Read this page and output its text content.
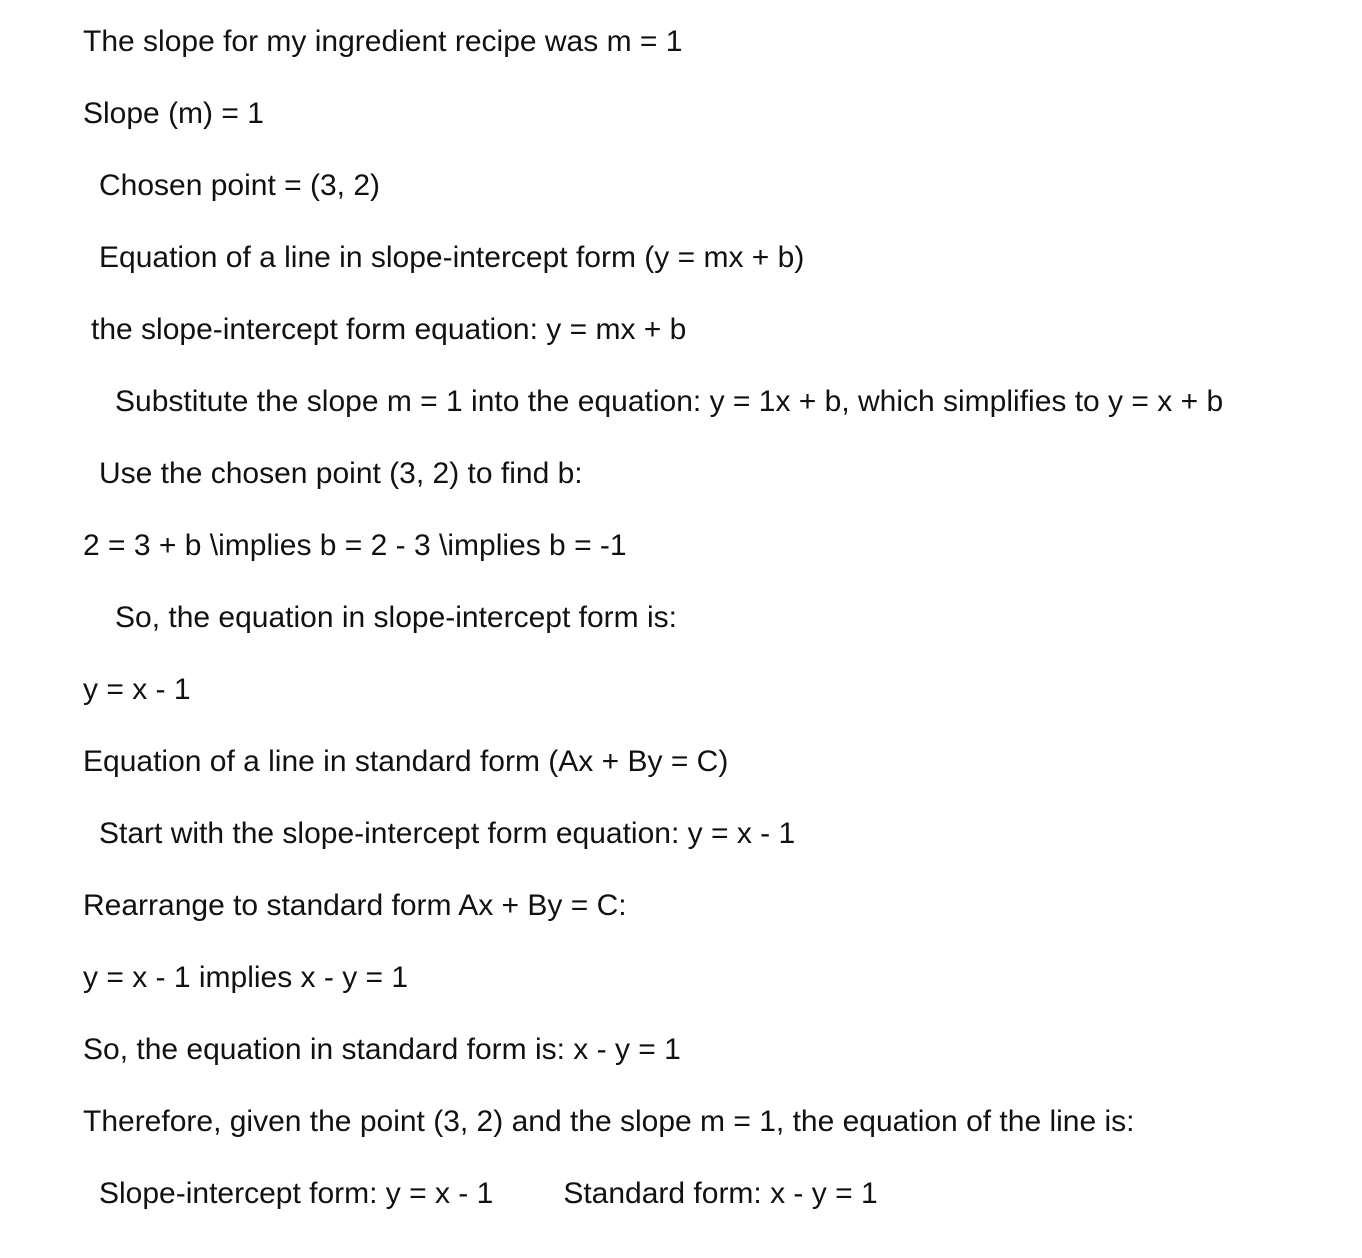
The slope for my ingredient recipe was m = 1
Slope (m) = 1
Chosen point = (3, 2)
Equation of a line in slope-intercept form (y = mx + b)
the slope-intercept form equation: y = mx + b
Substitute the slope m = 1 into the equation: y = 1x + b, which simplifies to y = x + b
Use the chosen point (3, 2) to find b:
2 = 3 + b \implies b = 2 - 3 \implies b = -1
So, the equation in slope-intercept form is:
y = x - 1
Equation of a line in standard form (Ax + By = C)
Start with the slope-intercept form equation: y = x - 1
Rearrange to standard form Ax + By = C:
y = x - 1 implies x - y = 1
So, the equation in standard form is: x - y = 1
Therefore, given the point (3, 2) and the slope m = 1, the equation of the line is:
Slope-intercept form: y = x - 1 Standard form: x - y = 1
